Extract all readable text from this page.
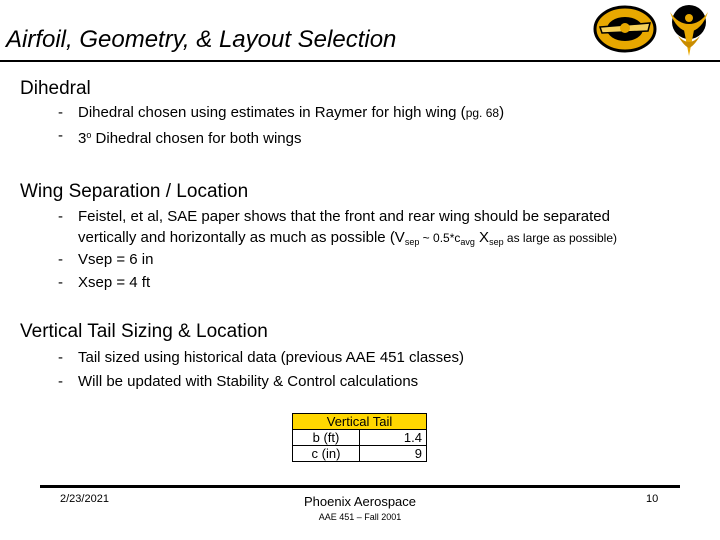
Airfoil, Geometry, & Layout Selection
Dihedral
- Dihedral chosen using estimates in Raymer for high wing (pg. 68)
- 3$^o$ Dihedral chosen for both wings
Wing Separation / Location
- Feistel, et al, SAE paper shows that the front and rear wing should be separated
vertically and horizontally as much as possible ($V_{sep}$ ~ $0.5*c_{avg}$ $X_{sep}$ as large as possible)
- Vsep = 6 in
- Xsep = 4 ft
Vertical Tail Sizing & Location
- Tail sized using historical data (previous AAE 451 classes)
- Will be updated with Stability & Control calculations
Vertical Tail	
b (ft)	1.4
c (in)	9
2/23/2021	Phoenix Aerospace
AAE 451 – Fall 2001
10
